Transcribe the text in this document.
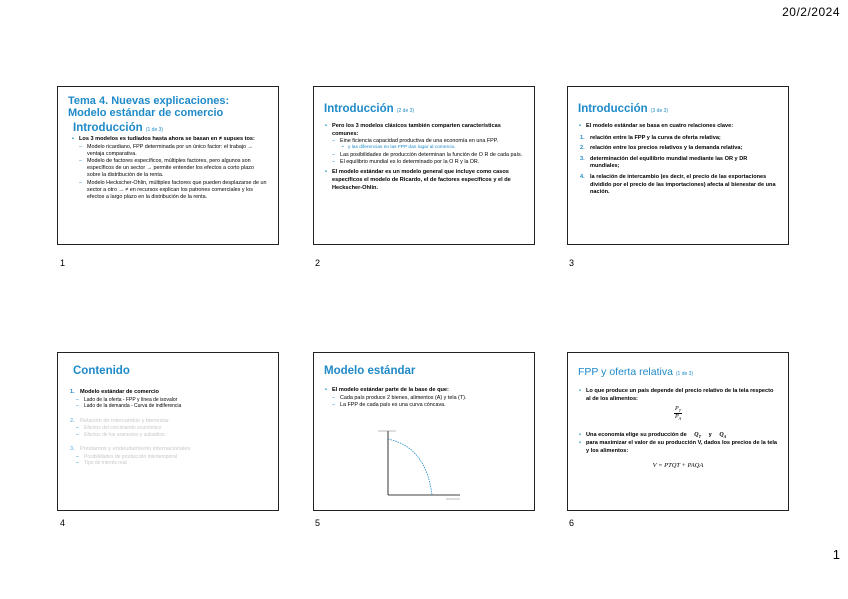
20/2/2024
Tema 4. Nuevas explicaciones:
Modelo estándar de comercio
Introducción (1 de 3)
• Los 3 modelos es tudiados hasta ahora se basan en ≠ supues tos:
– Modelo ricardiano, FPP determinada por un único factor: el trabajo → ventaja comparativa.
– Modelo de factores específicos, múltiples factores, pero algunos son específicos de un sector → permite entender los efectos a corto plazo sobre la distribución de la renta.
– Modelo Heckscher-Ohlin, múltiples factores que pueden desplazarse de un sector a otro → ≠ en recursos explican los patrones comerciales y los efectos a largo plazo en la distribución de la renta.
1
Introducción (2 de 3)
• Pero los 3 modelos clásicos también comparten características comunes:
– Eine ficiencia capacidad productiva de una economía en una FPP.
• y las diferencias en las FPP dan lugar al comercio.
– Las posibilidades de producción determinan la función de O R de cada país.
– El equilibrio mundial es lo determinado por la O R y la DR.
• El modelo estándar es un modelo general que incluye como casos específicos el modelo de Ricardo, el de factores específicos y el de Heckscher-Ohlin.
2
Introducción (3 de 3)
• El modelo estándar se basa en cuatro relaciones clave:
1. relación entre la FPP y la curva de oferta relativa;
2. relación entre los precios relativos y la demanda relativa;
3. determinación del equilibrio mundial mediante las OR y DR mundiales;
4. la relación de intercambio (es decir, el precio de las exportaciones dividido por el precio de las importaciones) afecta al bienestar de una nación.
3
Contenido
1. Modelo estándar de comercio
– Lado de la oferta - FPP y línea de isovalor
– Lado de la demanda - Curva de indiferencia
2. Relación de intercambio y bienestar
– Efectos del crecimiento económico
– Efectos de los aranceles y subsidios
3. Préstamos y endeudamiento internacionales
– Posibilidades de producción intertemporal
– Tipo de interés real
4
Modelo estándar
• El modelo estándar parte de la base de que:
– Cada país produce 2 bienes, alimentos (A) y tela (T).
– La FPP de cada país es una curva cóncava.
5
FPP y oferta relativa (1 de 3)
• Lo que produce un país depende del precio relativo de la tela respecto al de los alimentos:
$\frac{P_T}{P_A}$
• Una economía elige su producción de $Q_T$ y $Q_A$
• para maximizar el valor de su producción V, dados los precios de la tela y los alimentos:
V = PTQT + PAQA
6
1
